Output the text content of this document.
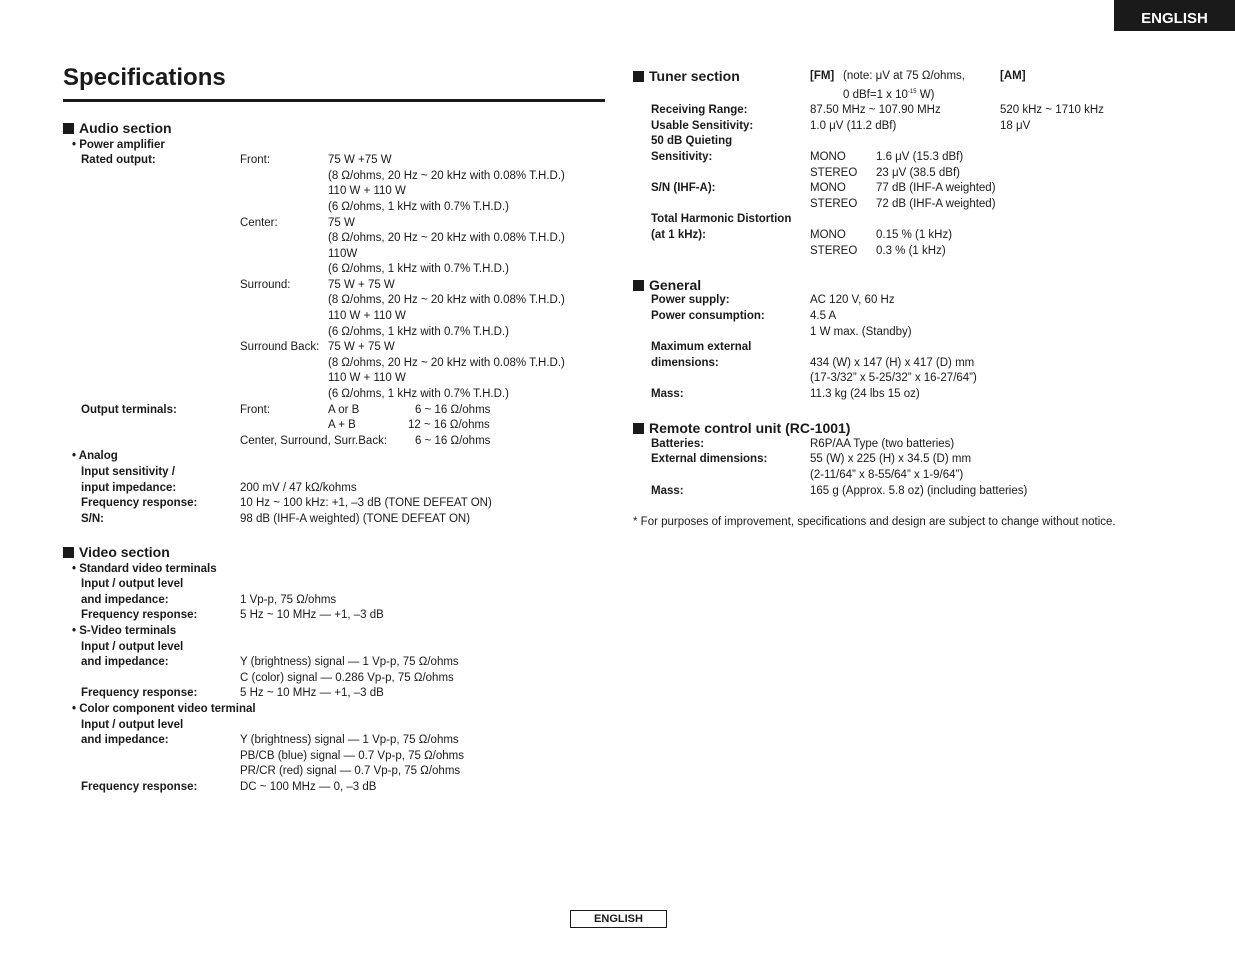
ENGLISH
Specifications
Audio section
• Power amplifier
Rated output:	Front:	75 W +75 W
(8 Ω/ohms, 20 Hz ~ 20 kHz with 0.08% T.H.D.)
110 W + 110 W
(6 Ω/ohms, 1 kHz with 0.7% T.H.D.)
Center:	75 W
(8 Ω/ohms, 20 Hz ~ 20 kHz with 0.08% T.H.D.)
110W
(6 Ω/ohms, 1 kHz with 0.7% T.H.D.)
Surround:	75 W + 75 W
(8 Ω/ohms, 20 Hz ~ 20 kHz with 0.08% T.H.D.)
110 W + 110 W
(6 Ω/ohms, 1 kHz with 0.7% T.H.D.)
Surround Back: 75 W + 75 W
(8 Ω/ohms, 20 Hz ~ 20 kHz with 0.08% T.H.D.)
110 W + 110 W
(6 Ω/ohms, 1 kHz with 0.7% T.H.D.)
Output terminals:	Front:	A or B	6 ~ 16 Ω/ohms
A + B	12 ~ 16 Ω/ohms
Center, Surround, Surr.Back: 6 ~ 16 Ω/ohms
• Analog
Input sensitivity /
input impedance:	200 mV / 47 kΩ/kohms
Frequency response:	10 Hz ~ 100 kHz: +1, –3 dB (TONE DEFEAT ON)
S/N:	98 dB (IHF-A weighted) (TONE DEFEAT ON)
Video section
• Standard video terminals
Input / output level
and impedance:	1 Vp-p, 75 Ω/ohms
Frequency response:	5 Hz ~ 10 MHz — +1, –3 dB
• S-Video terminals
Input / output level
and impedance:	Y (brightness) signal — 1 Vp-p, 75 Ω/ohms
C (color) signal — 0.286 Vp-p, 75 Ω/ohms
Frequency response:	5 Hz ~ 10 MHz — +1, –3 dB
• Color component video terminal
Input / output level
and impedance:	Y (brightness) signal — 1 Vp-p, 75 Ω/ohms
PB/CB (blue) signal — 0.7 Vp-p, 75 Ω/ohms
PR/CR (red) signal — 0.7 Vp-p, 75 Ω/ohms
Frequency response:	DC ~ 100 MHz — 0, –3 dB
Tuner section	[FM] (note: μV at 75 Ω/ohms,	[AM]
0 dBf=1 x $10^{-15}$ W)
Receiving Range:	87.50 MHz ~ 107.90 MHz	520 kHz ~ 1710 kHz
Usable Sensitivity:	1.0 μV (11.2 dBf)	18 μV
50 dB Quieting
Sensitivity:	MONO	1.6 μV (15.3 dBf)
STEREO 23 μV (38.5 dBf)
S/N (IHF-A):	MONO	77 dB (IHF-A weighted)
STEREO 72 dB (IHF-A weighted)
Total Harmonic Distortion
(at 1 kHz):	MONO	0.15 % (1 kHz)
STEREO 0.3 % (1 kHz)
General
Power supply:	AC 120 V, 60 Hz
Power consumption:	4.5 A
1 W max. (Standby)
Maximum external
dimensions:	434 (W) x 147 (H) x 417 (D) mm
(17-3/32” x 5-25/32” x 16-27/64”)
Mass:	11.3 kg (24 lbs 15 oz)
Remote control unit (RC-1001)
Batteries:	R6P/AA Type (two batteries)
External dimensions:	55 (W) x 225 (H) x 34.5 (D) mm
(2-11/64” x 8-55/64” x 1-9/64”)
Mass:	165 g (Approx. 5.8 oz) (including batteries)
* For purposes of improvement, specifications and design are subject to change without notice.
ENGLISH
